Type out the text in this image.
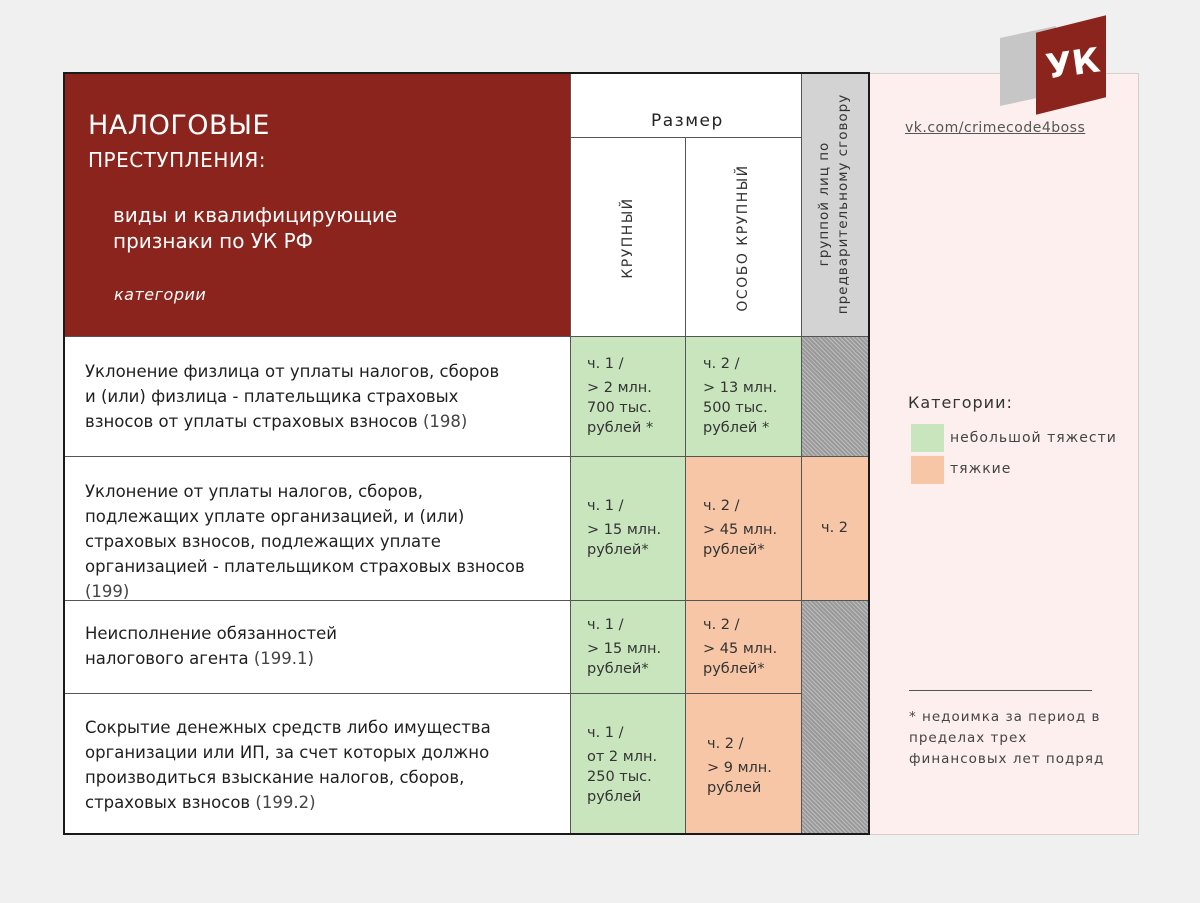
УК
НАЛОГОВЫЕ
ПРЕСТУПЛЕНИЯ:
виды и квалифицирующие признаки по УК РФ
категории
Размер
КРУПНЫЙ	ОСОБО КРУПНЫЙ	группой лиц по предварительному сговору
Уклонение физлица от уплаты налогов, сборов и (или) физлица - плательщика страховых взносов от уплаты страховых взносов (198)
ч. 1 /
> 2 млн. 700 тыс. рублей *
ч. 2 /
> 13 млн. 500 тыс. рублей *
Уклонение от уплаты налогов, сборов, подлежащих уплате организацией, и (или) страховых взносов, подлежащих уплате организацией - плательщиком страховых взносов (199)
ч. 1 /
> 15 млн. рублей*
ч. 2 /
> 45 млн. рублей*
ч. 2
Неисполнение обязанностей налогового агента (199.1)
ч. 1 /
> 15 млн. рублей*
ч. 2 /
> 45 млн. рублей*
Сокрытие денежных средств либо имущества организации или ИП, за счет которых должно производиться взыскание налогов, сборов, страховых взносов (199.2)
ч. 1 /
от 2 млн. 250 тыс. рублей
ч. 2 /
> 9 млн. рублей
vk.com/crimecode4boss
Категории:
небольшой тяжести
тяжкие
* недоимка за период в пределах трех финансовых лет подряд
